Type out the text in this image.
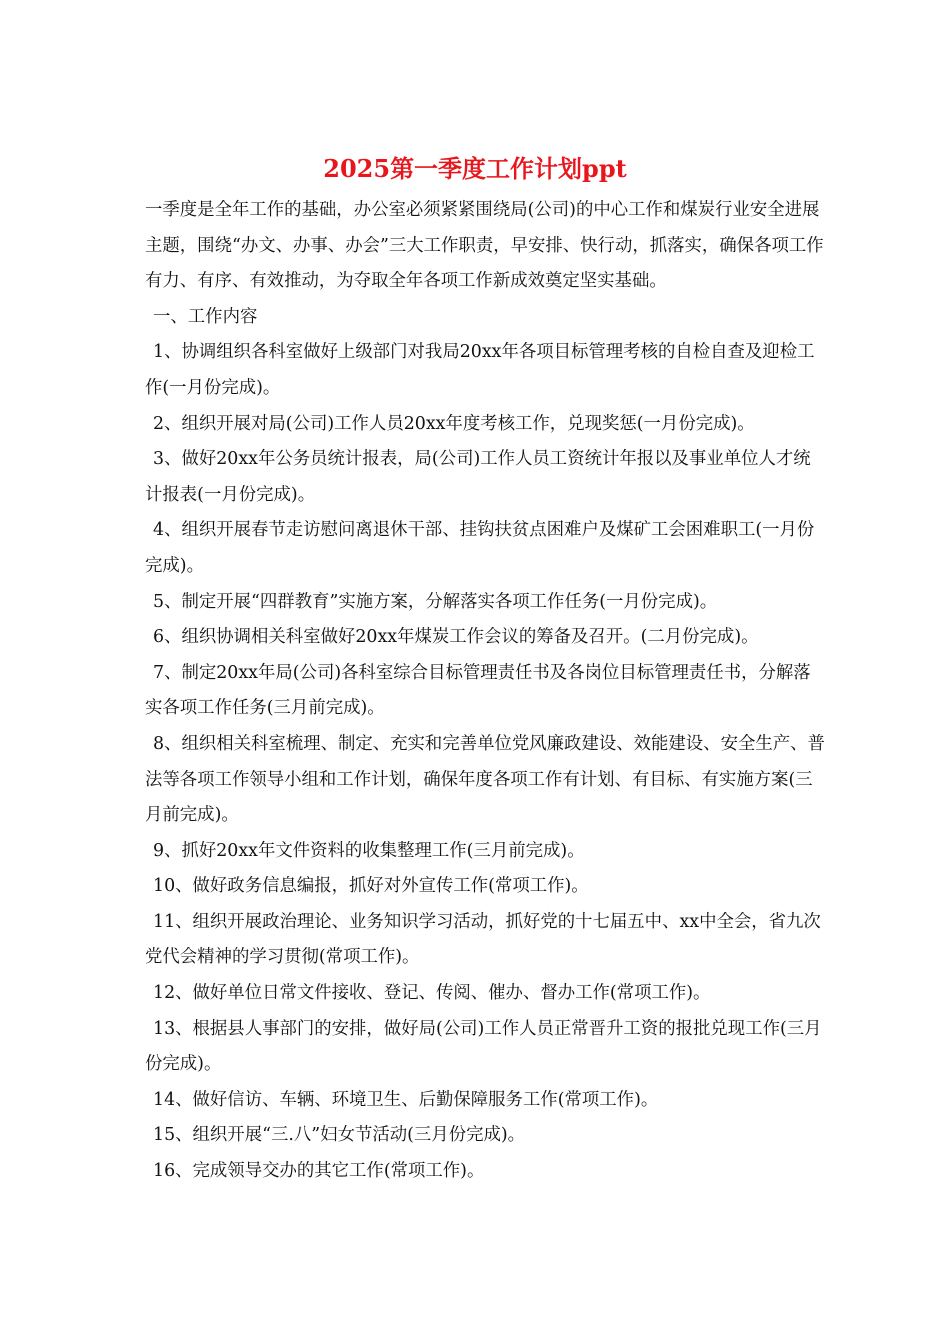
2025第一季度工作计划ppt

一季度是全年工作的基础，办公室必须紧紧围绕局(公司)的中心工作和煤炭行业安全进展主题，围绕“办文、办事、办会”三大工作职责，早安排、快行动，抓落实，确保各项工作有力、有序、有效推动，为夺取全年各项工作新成效奠定坚实基础。

一、工作内容

1、协调组织各科室做好上级部门对我局20xx年各项目标管理考核的自检自查及迎检工作(一月份完成)。

2、组织开展对局(公司)工作人员20xx年度考核工作，兑现奖惩(一月份完成)。

3、做好20xx年公务员统计报表，局(公司)工作人员工资统计年报以及事业单位人才统计报表(一月份完成)。

4、组织开展春节走访慰问离退休干部、挂钩扶贫点困难户及煤矿工会困难职工(一月份完成)。

5、制定开展“四群教育”实施方案，分解落实各项工作任务(一月份完成)。

6、组织协调相关科室做好20xx年煤炭工作会议的筹备及召开。(二月份完成)。

7、制定20xx年局(公司)各科室综合目标管理责任书及各岗位目标管理责任书，分解落实各项工作任务(三月前完成)。

8、组织相关科室梳理、制定、充实和完善单位党风廉政建设、效能建设、安全生产、普法等各项工作领导小组和工作计划，确保年度各项工作有计划、有目标、有实施方案(三月前完成)。

9、抓好20xx年文件资料的收集整理工作(三月前完成)。

10、做好政务信息编报，抓好对外宣传工作(常项工作)。

11、组织开展政治理论、业务知识学习活动，抓好党的十七届五中、xx中全会，省九次党代会精神的学习贯彻(常项工作)。

12、做好单位日常文件接收、登记、传阅、催办、督办工作(常项工作)。

13、根据县人事部门的安排，做好局(公司)工作人员正常晋升工资的报批兑现工作(三月份完成)。

14、做好信访、车辆、环境卫生、后勤保障服务工作(常项工作)。

15、组织开展“三.八”妇女节活动(三月份完成)。

16、完成领导交办的其它工作(常项工作)。
